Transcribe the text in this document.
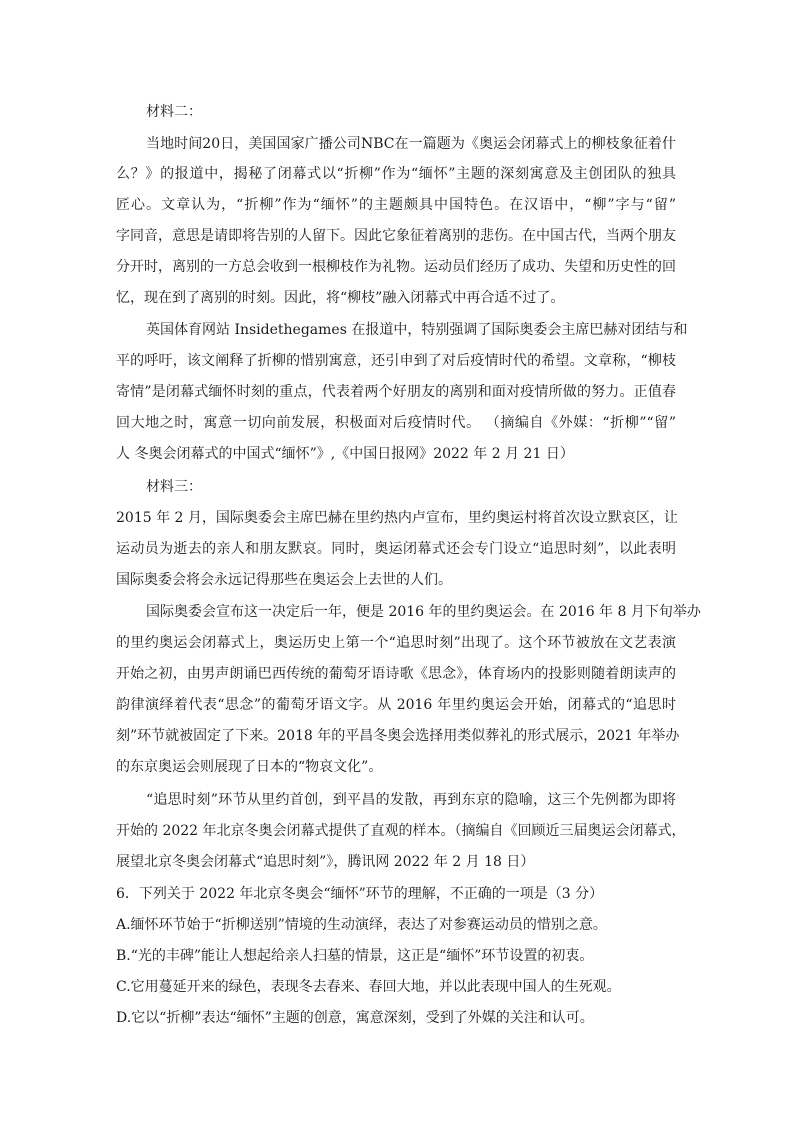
材料二：
当地时间20日，美国国家广播公司NBC在一篇题为《奥运会闭幕式上的柳枝象征着什
么？》的报道中，揭秘了闭幕式以“折柳”作为“缅怀”主题的深刻寓意及主创团队的独具
匠心。文章认为，“折柳”作为“缅怀”的主题颇具中国特色。在汉语中，“柳”字与“留”
字同音，意思是请即将告别的人留下。因此它象征着离别的悲伤。在中国古代，当两个朋友
分开时，离别的一方总会收到一根柳枝作为礼物。运动员们经历了成功、失望和历史性的回
忆，现在到了离别的时刻。因此，将“柳枝”融入闭幕式中再合适不过了。
英国体育网站 Insidethegames 在报道中，特别强调了国际奥委会主席巴赫对团结与和
平的呼吁，该文阐释了折柳的惜别寓意，还引申到了对后疫情时代的希望。文章称，“柳枝
寄情”是闭幕式缅怀时刻的重点，代表着两个好朋友的离别和面对疫情所做的努力。正值春
回大地之时，寓意一切向前发展，积极面对后疫情时代。 （摘编自《外媒：“折柳”“留”
人 冬奥会闭幕式的中国式“缅怀”》,《中国日报网》2022 年 2 月 21 日）
材料三：
2015 年 2 月，国际奥委会主席巴赫在里约热内卢宣布，里约奥运村将首次设立默哀区，让
运动员为逝去的亲人和朋友默哀。同时，奥运闭幕式还会专门设立“追思时刻”，以此表明
国际奥委会将会永远记得那些在奥运会上去世的人们。
国际奥委会宣布这一决定后一年，便是 2016 年的里约奥运会。在 2016 年 8 月下旬举办
的里约奥运会闭幕式上，奥运历史上第一个“追思时刻”出现了。这个环节被放在文艺表演
开始之初，由男声朗诵巴西传统的葡萄牙语诗歌《思念》，体育场内的投影则随着朗读声的
韵律演绎着代表“思念”的葡萄牙语文字。从 2016 年里约奥运会开始，闭幕式的“追思时
刻”环节就被固定了下来。2018 年的平昌冬奥会选择用类似葬礼的形式展示，2021 年举办
的东京奥运会则展现了日本的“物哀文化”。
“追思时刻”环节从里约首创，到平昌的发散，再到东京的隐喻，这三个先例都为即将
开始的 2022 年北京冬奥会闭幕式提供了直观的样本。（摘编自《回顾近三届奥运会闭幕式，
展望北京冬奥会闭幕式“追思时刻”》，腾讯网 2022 年 2 月 18 日）
6．下列关于 2022 年北京冬奥会“缅怀”环节的理解，不正确的一项是（3 分）
A.缅怀环节始于“折柳送别”情境的生动演绎，表达了对参赛运动员的惜别之意。
B.“光的丰碑”能让人想起给亲人扫墓的情景，这正是“缅怀”环节设置的初衷。
C.它用蔓延开来的绿色，表现冬去春来、春回大地，并以此表现中国人的生死观。
D.它以“折柳”表达“缅怀”主题的创意，寓意深刻，受到了外媒的关注和认可。
